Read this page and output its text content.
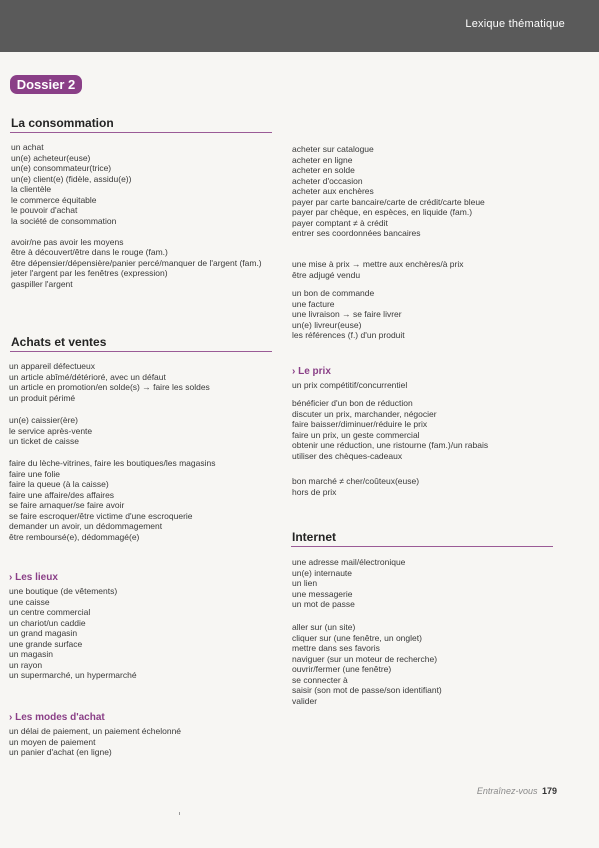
Lexique thématique
Dossier 2
La consommation
un achat
un(e) acheteur(euse)
un(e) consommateur(trice)
un(e) client(e) (fidèle, assidu(e))
la clientèle
le commerce équitable
le pouvoir d'achat
la société de consommation
avoir/ne pas avoir les moyens
être à découvert/être dans le rouge (fam.)
être dépensier/dépensière/panier percé/manquer de l'argent (fam.)
jeter l'argent par les fenêtres (expression)
gaspiller l'argent
acheter sur catalogue
acheter en ligne
acheter en solde
acheter d'occasion
acheter aux enchères
payer par carte bancaire/carte de crédit/carte bleue
payer par chèque, en espèces, en liquide (fam.)
payer comptant ≠ à crédit
entrer ses coordonnées bancaires
une mise à prix → mettre aux enchères/à prix
être adjugé vendu
un bon de commande
une facture
une livraison → se faire livrer
un(e) livreur(euse)
les références (f.) d'un produit
Achats et ventes
un appareil défectueux
un article abîmé/détérioré, avec un défaut
un article en promotion/en solde(s) → faire les soldes
un produit périmé
un(e) caissier(ère)
le service après-vente
un ticket de caisse
faire du lèche-vitrines, faire les boutiques/les magasins
faire une folie
faire la queue (à la caisse)
faire une affaire/des affaires
se faire arnaquer/se faire avoir
se faire escroquer/être victime d'une escroquerie
demander un avoir, un dédommagement
être remboursé(e), dédommagé(e)
› Les lieux
une boutique (de vêtements)
une caisse
un centre commercial
un chariot/un caddie
un grand magasin
une grande surface
un magasin
un rayon
un supermarché, un hypermarché
› Les modes d'achat
un délai de paiement, un paiement échelonné
un moyen de paiement
un panier d'achat (en ligne)
› Le prix
un prix compétitif/concurrentiel
bénéficier d'un bon de réduction
discuter un prix, marchander, négocier
faire baisser/diminuer/réduire le prix
faire un prix, un geste commercial
obtenir une réduction, une ristourne (fam.)/un rabais
utiliser des chèques-cadeaux
bon marché ≠ cher/coûteux(euse)
hors de prix
Internet
une adresse mail/électronique
un(e) internaute
un lien
une messagerie
un mot de passe
aller sur (un site)
cliquer sur (une fenêtre, un onglet)
mettre dans ses favoris
naviguer (sur un moteur de recherche)
ouvrir/fermer (une fenêtre)
se connecter à
saisir (son mot de passe/son identifiant)
valider
Entraînez-vous 179
